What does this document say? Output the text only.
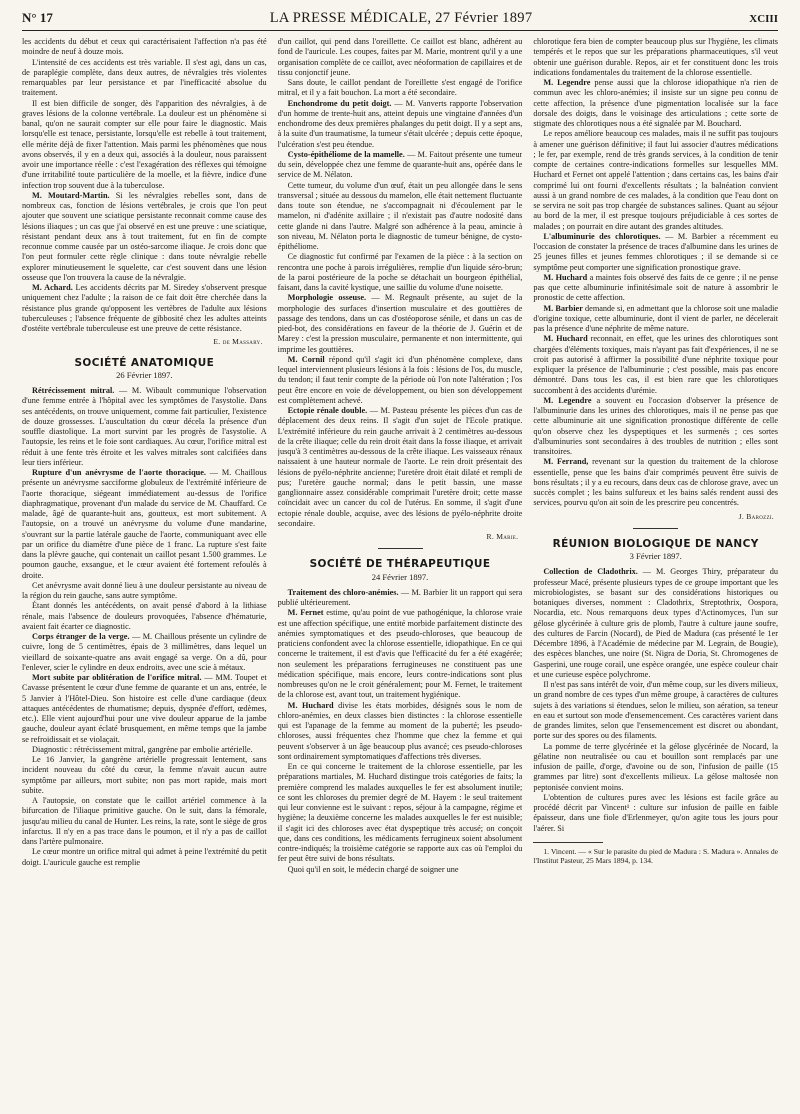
N° 17	LA PRESSE MÉDICALE, 27 Février 1897	XCIII

les accidents du début et ceux qui caractérisaient l'affection n'a pas été moindre de neuf à douze mois.

L'intensité de ces accidents est très variable. Il s'est agi, dans un cas, de paraplégie complète, dans deux autres, de névralgies très violentes remarquables par leur persistance et par l'inefficacité absolue du traitement.

Il est bien difficile de songer, dès l'apparition des névralgies, à de graves lésions de la colonne vertébrale. La douleur est un phénomène si banal, qu'on ne saurait compter sur elle pour faire le diagnostic. Mais lorsqu'elle est tenace, persistante, lorsqu'elle est rebelle à tout traitement, elle mérite déjà de fixer l'attention. Mais parmi les phénomènes que nous avons observés, il y en a deux qui, associés à la douleur, nous paraissent avoir une importance réelle : c'est l'exagération des réflexes qui témoigne d'une irritabilité toute particulière de la moelle, et la fièvre, indice d'une infection trop souvent due à la tuberculose.

M. Moutard-Martin. Si les névralgies rebelles sont, dans de nombreux cas, fonction de lésions vertébrales, je crois que l'on peut ajouter que souvent une sciatique persistante reconnait comme cause des lésions iliaques ; un cas que j'ai observé en est une preuve : une sciatique, résistant pendant deux ans à tout traitement, fut en fin de compte reconnue comme causée par un ostéo-sarcome iliaque. Je crois donc que l'on peut formuler cette règle clinique : dans toute névralgie rebelle explorer minutieusement le squelette, car c'est souvent dans une lésion osseuse que l'on trouvera la cause de la névralgie.

M. Achard. Les accidents décrits par M. Siredey s'observent presque uniquement chez l'adulte ; la raison de ce fait doit être cherchée dans la résistance plus grande qu'opposent les vertèbres de l'adulte aux lésions tuberculeuses ; l'absence fréquente de gibbosité chez les adultes atteints d'ostéite vertébrale tuberculeuse est une preuve de cette résistance.

E. de Massary.
SOCIÉTÉ ANATOMIQUE
26 Février 1897.

Rétrécissement mitral. — M. Wibault communique l'observation d'une femme entrée à l'hôpital avec les symptômes de l'asystolie. Dans ses antécédents, on trouve uniquement, comme fait particulier, l'existence de douze grossesses. L'auscultation du cœur décela la présence d'un souffle diastolique. La mort survint par les progrès de l'asystolie. A l'autopsie, les reins et le foie sont cardiaques. Au cœur, l'orifice mitral est réduit à une fente très étroite et les valves mitrales sont calcifiées dans leur tiers inférieur.

Rupture d'un anévrysme de l'aorte thoracique. — M. Chaillous présente un anévrysme sacciforme globuleux de l'extrémité inférieure de l'aorte thoracique, siégeant immédiatement au-dessus de l'orifice diaphragmatique, provenant d'un malade du service de M. Chauffard. Ce malade, âgé de quarante-huit ans, goutteux, est mort subitement. A l'autopsie, on a trouvé un anévrysme du volume d'une mandarine, s'ouvrant sur la partie latérale gauche de l'aorte, communiquant avec elle par un orifice du diamètre d'une pièce de 1 franc. La rupture s'est faite dans la plèvre gauche, qui contenait un caillot pesant 1.500 grammes. Le poumon gauche, exsangue, et le cœur avaient été fortement refoulés à droite.

Cet anévrysme avait donné lieu à une douleur persistante au niveau de la région du rein gauche, sans autre symptôme.

Étant donnés les antécédents, on avait pensé d'abord à la lithiase rénale, mais l'absence de douleurs provoquées, l'absence d'hématurie, avaient fait écarter ce diagnostic.

Corps étranger de la verge. — M. Chaillous présente un cylindre de cuivre, long de 5 centimètres, épais de 3 millimètres, dans lequel un vieillard de soixante-quatre ans avait engagé sa verge. On a dû, pour l'enlever, scier le cylindre en deux endroits, avec une scie à métaux.

Mort subite par oblitération de l'orifice mitral. — MM. Toupet et Cavasse présentent le cœur d'une femme de quarante et un ans, entrée, le 5 Janvier à l'Hôtel-Dieu. Son histoire est celle d'une cardiaque (deux attaques antécédentes de rhumatisme; depuis, dyspnée d'effort, œdèmes, etc.). Elle vient aujourd'hui pour une vive douleur apparue de la jambe gauche, douleur ayant éclaté brusquement, en même temps que la jambe se refroidissait et se violaçait.

Diagnostic : rétrécissement mitral, gangrène par embolie artérielle.

Le 16 Janvier, la gangrène artérielle progressait lentement, sans incident nouveau du côté du cœur, la femme n'avait aucun autre symptôme par ailleurs, mort subite; non pas mort rapide, mais mort subite.

A l'autopsie, on constate que le caillot artériel commence à la bifurcation de l'iliaque primitive gauche. On le suit, dans la fémorale, jusqu'au milieu du canal de Hunter. Les reins, la rate, sont le siège de gros infarctus. Il n'y en a pas trace dans le poumon, et il n'y a pas de caillot dans l'artère pulmonaire.

Le cœur montre un orifice mitral qui admet à peine l'extrémité du petit doigt. L'auricule gauche est remplie

d'un caillot, qui pend dans l'oreillette. Ce caillot est blanc, adhérent au fond de l'auricule. Les coupes, faites par M. Marie, montrent qu'il y a une organisation complète de ce caillot, avec néoformation de capillaires et de tissu conjonctif jeune.

Sans doute, le caillot pendant de l'oreillette s'est engagé de l'orifice mitral, et il y a fait bouchon. La mort a été secondaire.

Enchondrome du petit doigt. — M. Vanverts rapporte l'observation d'un homme de trente-huit ans, atteint depuis une vingtaine d'années d'un enchondrome des deux premières phalanges du petit doigt. Il y a sept ans, à la suite d'un traumatisme, la tumeur s'était ulcérée ; depuis cette époque, l'ulcération s'est peu étendue.

Cysto-épithéliome de la mamelle. — M. Faitout présente une tumeur du sein, développée chez une femme de quarante-huit ans, opérée dans le service de M. Nélaton.

Cette tumeur, du volume d'un œuf, était un peu allongée dans le sens transversal ; située au dessous du mamelon, elle était nettement fluctuante dans toute son étendue, ne s'accompagnait ni d'écoulement par le mamelon, ni d'adénite axillaire ; il n'existait pas d'autre nodosité dans cette glande ni dans l'autre. Malgré son adhérence à la peau, amincie à son niveau, M. Nélaton porta le diagnostic de tumeur bénigne, de cysto-épithéliome.

Ce diagnostic fut confirmé par l'examen de la pièce : à la section on rencontra une poche à parois irrégulières, remplie d'un liquide séro-brun; de la paroi postérieure de la poche se détachait un bourgeon épithélial, faisant, dans la cavité kystique, une saillie du volume d'une noisette.

Morphologie osseuse. — M. Regnault présente, au sujet de la morphologie des surfaces d'insertion musculaire et des gouttières de passage des tendons, dans un cas d'ostéoporose sénile, et dans un cas de pied-bot, des considérations en faveur de la théorie de J. Guérin et de Marey : c'est la pression musculaire, permanente et non intermittente, qui imprime les gouttières.

M. Cornil répond qu'il s'agit ici d'un phénomène complexe, dans lequel interviennent plusieurs lésions à la fois : lésions de l'os, du muscle, du tendon; il faut tenir compte de la période où l'on note l'altération ; l'os peut être encore en voie de développement, ou bien son développement est complètement achevé.

Ectopie rénale double. — M. Pasteau présente les pièces d'un cas de déplacement des deux reins. Il s'agit d'un sujet de l'Ecole pratique. L'extrémité inférieure du rein gauche arrivait à 2 centimètres au-dessous de la crête iliaque; celle du rein droit était dans la fosse iliaque, et arrivait jusqu'à 3 centimètres au-dessous de la crête iliaque. Les vaisseaux rénaux naissaient à une hauteur normale de l'aorte. Le rein droit présentait des lésions de pyélo-néphrite ancienne; l'uretère droit était dilaté et rempli de pus; l'uretère gauche normal; dans le petit bassin, une masse ganglionnaire assez considérable comprimait l'uretère droit; cette masse coïncidait avec un cancer du col de l'utérus. En somme, il s'agit d'une ectopie rénale double, acquise, avec des lésions de pyélo-néphrite droite secondaire.

R. Marie.
SOCIÉTÉ DE THÉRAPEUTIQUE
24 Février 1897.

Traitement des chloro-anémies. — M. Barbier lit un rapport qui sera publié ultérieurement.

M. Fernet estime, qu'au point de vue pathogénique, la chlorose vraie est une affection spécifique, une entité morbide parfaitement distincte des anémies symptomatiques et des pseudo-chloroses, que beaucoup de praticiens confondent avec la chlorose essentielle, idiopathique. En ce qui concerne le traitement, il est d'avis que l'efficacité du fer a été exagérée; non seulement les préparations ferrugineuses ne constituent pas une médication spécifique, mais encore, leurs contre-indications sont plus nombreuses qu'on ne le croit généralement; pour M. Fernet, le traitement de la chlorose est, avant tout, un traitement hygiénique.

M. Huchard divise les états morbides, désignés sous le nom de chloro-anémies, en deux classes bien distinctes : la chlorose essentielle qui est l'apanage de la femme au moment de la puberté; les pseudo-chloroses, aussi fréquentes chez l'homme que chez la femme et qui peuvent s'observer à un âge beaucoup plus avancé; ces pseudo-chloroses sont ordinairement symptomatiques d'affections très diverses.

En ce qui concerne le traitement de la chlorose essentielle, par les préparations martiales, M. Huchard distingue trois catégories de faits; la première comprend les malades auxquelles le fer est absolument inutile; ce sont les chloroses du premier degré de M. Hayem : le seul traitement qui leur convienne est le suivant : repos, séjour à la campagne, régime et hygiène; la deuxième concerne les malades auxquelles le fer est nuisible; il s'agit ici des chloroses avec état dyspeptique très accusé; on conçoit que, dans ces conditions, les médicaments ferrugineux soient absolument contre-indiqués; la troisième catégorie se rapporte aux cas où l'emploi du fer peut être suivi de bons résultats.

Quoi qu'il en soit, le médecin chargé de soigner une

chlorotique fera bien de compter beaucoup plus sur l'hygiène, les climats tempérés et le repos que sur les préparations pharmaceutiques, s'il veut obtenir une guérison durable. Repos, air et fer constituent donc les trois indications fondamentales du traitement de la chlorose essentielle.

M. Legendre pense aussi que la chlorose idiopathique n'a rien de commun avec les chloro-anémies; il insiste sur un signe peu connu de cette affection, la présence d'une pigmentation localisée sur la face dorsale des doigts, dans le voisinage des articulations ; cette sorte de stigmate des chlorotiques nous a été signalée par M. Bouchard.

Le repos améliore beaucoup ces malades, mais il ne suffit pas toujours à amener une guérison définitive; il faut lui associer d'autres médications ; le fer, par exemple, rend de très grands services, à la condition de tenir compte de certaines contre-indications formelles sur lesquelles MM. Huchard et Fernet ont appelé l'attention ; dans certains cas, les bains d'air comprimé lui ont fourni d'excellents résultats ; la balnéation convient aussi à un grand nombre de ces malades, à la condition que l'eau dont on se servira ne soit pas trop chargée de substances salines. Quant au séjour au bord de la mer, il est presque toujours préjudiciable à ces sortes de malades ; on pourrait en dire autant des grandes altitudes.

L'albuminurie des chlorotiques. — M. Barbier a récemment eu l'occasion de constater la présence de traces d'albumine dans les urines de 25 jeunes filles et jeunes femmes chlorotiques ; il se demande si ce symptôme peut comporter une signification pronostique grave.

M. Huchard a maintes fois observé des faits de ce genre ; il ne pense pas que cette albuminurie infinitésimale soit de nature à assombrir le pronostic de cette affection.

M. Barbier demande si, en admettant que la chlorose soit une maladie d'origine toxique, cette albuminurie, dont il vient de parler, ne décelerait pas la présence d'une néphrite de même nature.

M. Huchard reconnait, en effet, que les urines des chlorotiques sont chargées d'éléments toxiques, mais n'ayant pas fait d'expériences, il ne se croit pas autorisé à affirmer la possibilité d'une néphrite toxique pour expliquer la présence de l'albuminurie ; c'est possible, mais pas encore démontré. Dans tous les cas, il est bien rare que les chlorotiques succombent à des accidents d'urémie.

M. Legendre a souvent eu l'occasion d'observer la présence de l'albuminurie dans les urines des chlorotiques, mais il ne pense pas que cette albuminurie ait une signification pronostique différente de celle qu'on observe chez les dyspeptiques et les surmenés ; ces sortes d'albuminuries sont secondaires à des troubles de nutrition ; elles sont transitoires.

M. Ferrand, revenant sur la question du traitement de la chlorose essentielle, pense que les bains d'air comprimés peuvent être suivis de bons résultats ; il y a eu recours, dans deux cas de chlorose grave, avec un succès complet ; les bains sulfureux et les bains salés rendent aussi des services, pourvu qu'on ait soin de les prescrire peu concentrés.

J. Barozzi.
RÉUNION BIOLOGIQUE DE NANCY
3 Février 1897.

Collection de Cladothrix. — M. Georges Thiry, préparateur du professeur Macé, présente plusieurs types de ce groupe important que les microbiologistes, se basant sur des considérations historiques ou botaniques diverses, nomment : Cladothrix, Streptothrix, Oospora, Nocardia, etc. Nous remarquons deux types d'Actinomyces, l'un sur gélose glycérinée à culture gris de plomb, l'autre à culture jaune soufre, des cultures de Farcin (Nocard), de Pied de Madura (cas présenté le 1er Décembre 1896, à l'Académie de médecine par M. Legrain, de Bougie), des espèces blanches, une noire (St. Nigra de Doria, St. Chromogenes de Gasperini, une rouge corail, une espèce orangée, une espèce couleur chair et une curieuse espèce polychrome.

Il n'est pas sans intérêt de voir, d'un même coup, sur les divers milieux, un grand nombre de ces types d'un même groupe, à caractères de cultures sujets à des variations si étendues, selon le milieu, son aération, sa teneur en eau et surtout son mode d'ensemencement. Ces caractères varient dans de grandes limites, selon que l'ensemencement est discret ou abondant, porte sur des spores ou des filaments.

La pomme de terre glycérinée et la gélose glycérinée de Nocard, la gélatine non neutralisée ou cau et bouillon sont remplacés par une infusion de paille, d'orge, d'avoine ou de son, l'infusion de paille (15 grammes par litre) sont d'excellents milieux. La gélose maltosée non peptonisée convient moins.

L'obtention de cultures pures avec les lésions est facile grâce au procédé décrit par Vincent¹ : culture sur infusion de paille en faible épaisseur, dans une fiole d'Erlenmeyer, qu'on agite tous les jours pour l'aérer. Si

1. Vincent. — « Sur le parasite du pied de Madura : S. Madura ». Annales de l'Institut Pasteur, 25 Mars 1894, p. 134.
